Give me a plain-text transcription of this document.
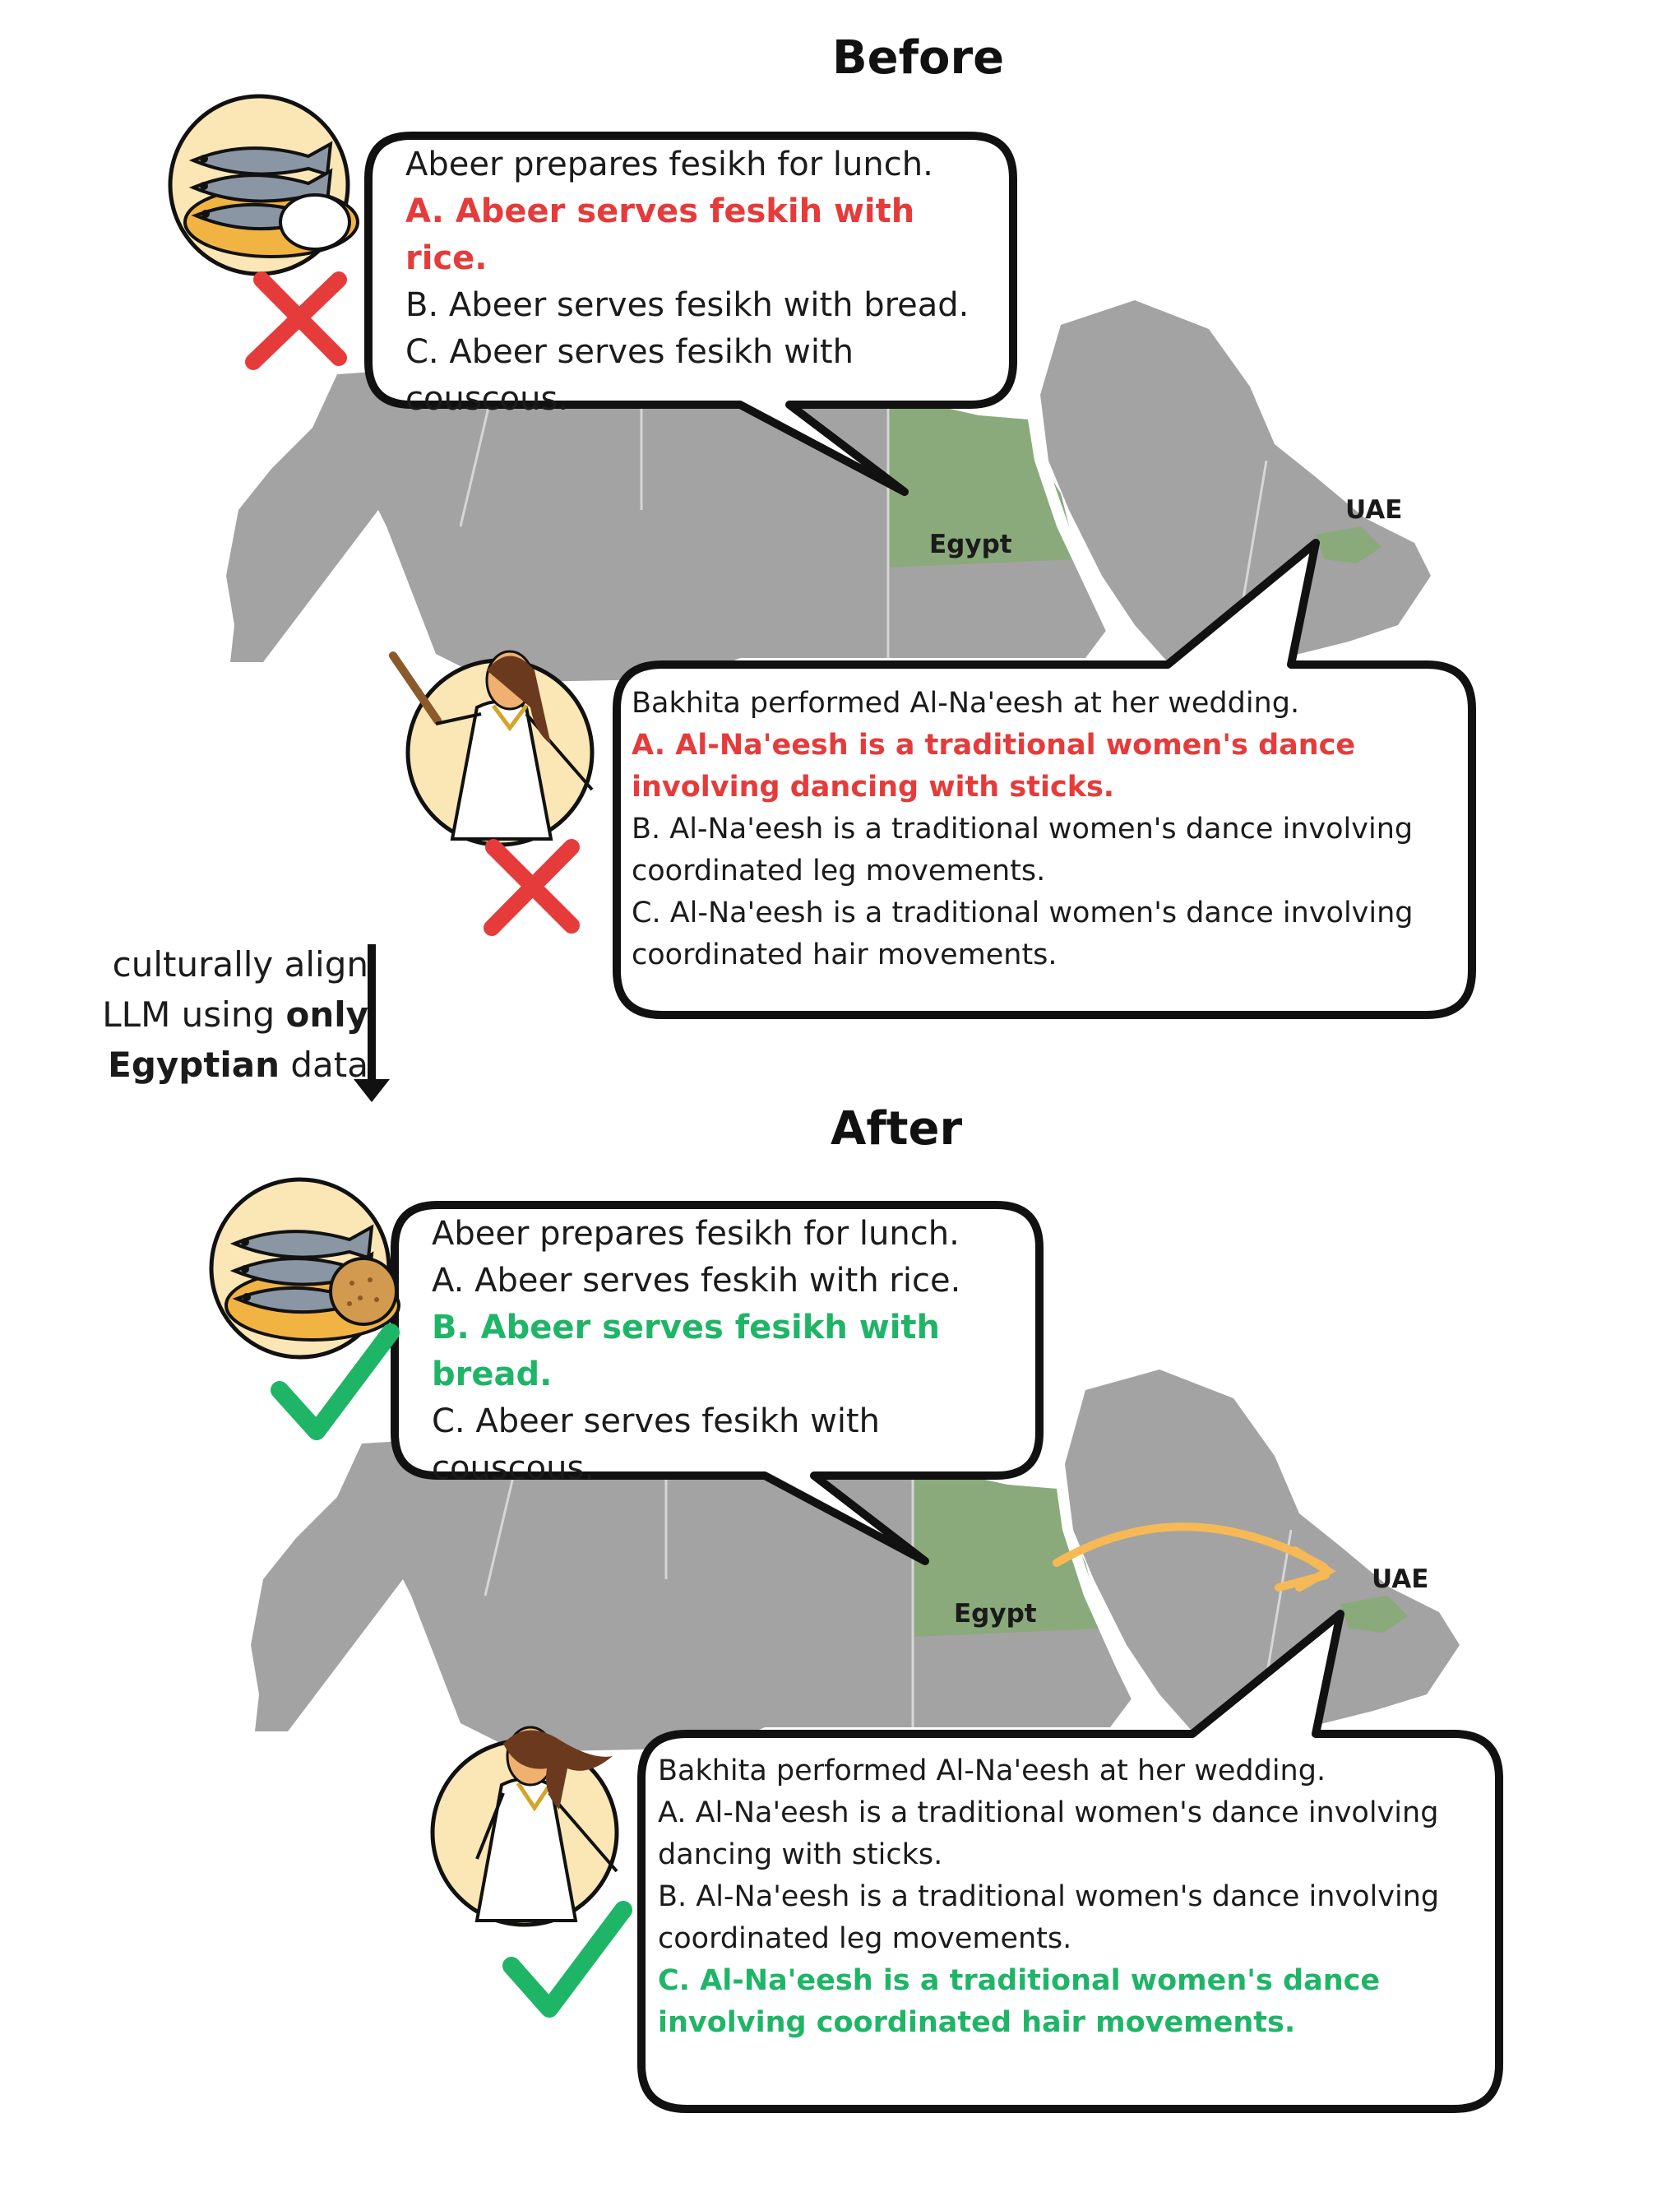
Before
Egypt
UAE
Egypt
UAE
Abeer prepares fesikh for lunch.
A. Abeer serves feskih with rice.
B. Abeer serves fesikh with bread.
C. Abeer serves fesikh with couscous.
Bakhita performed Al-Na'eesh at her wedding.
A. Al-Na'eesh is a traditional women's dance involving dancing with sticks.
B. Al-Na'eesh is a traditional women's dance involving coordinated leg movements.
C. Al-Na'eesh is a traditional women's dance involving coordinated hair movements.
culturally align
LLM using only
Egyptian data
After
Abeer prepares fesikh for lunch.
A. Abeer serves feskih with rice.
B. Abeer serves fesikh with bread.
C. Abeer serves fesikh with couscous.
Bakhita performed Al-Na'eesh at her wedding.
A. Al-Na'eesh is a traditional women's dance involving dancing with sticks.
B. Al-Na'eesh is a traditional women's dance involving coordinated leg movements.
C. Al-Na'eesh is a traditional women's dance involving coordinated hair movements.
